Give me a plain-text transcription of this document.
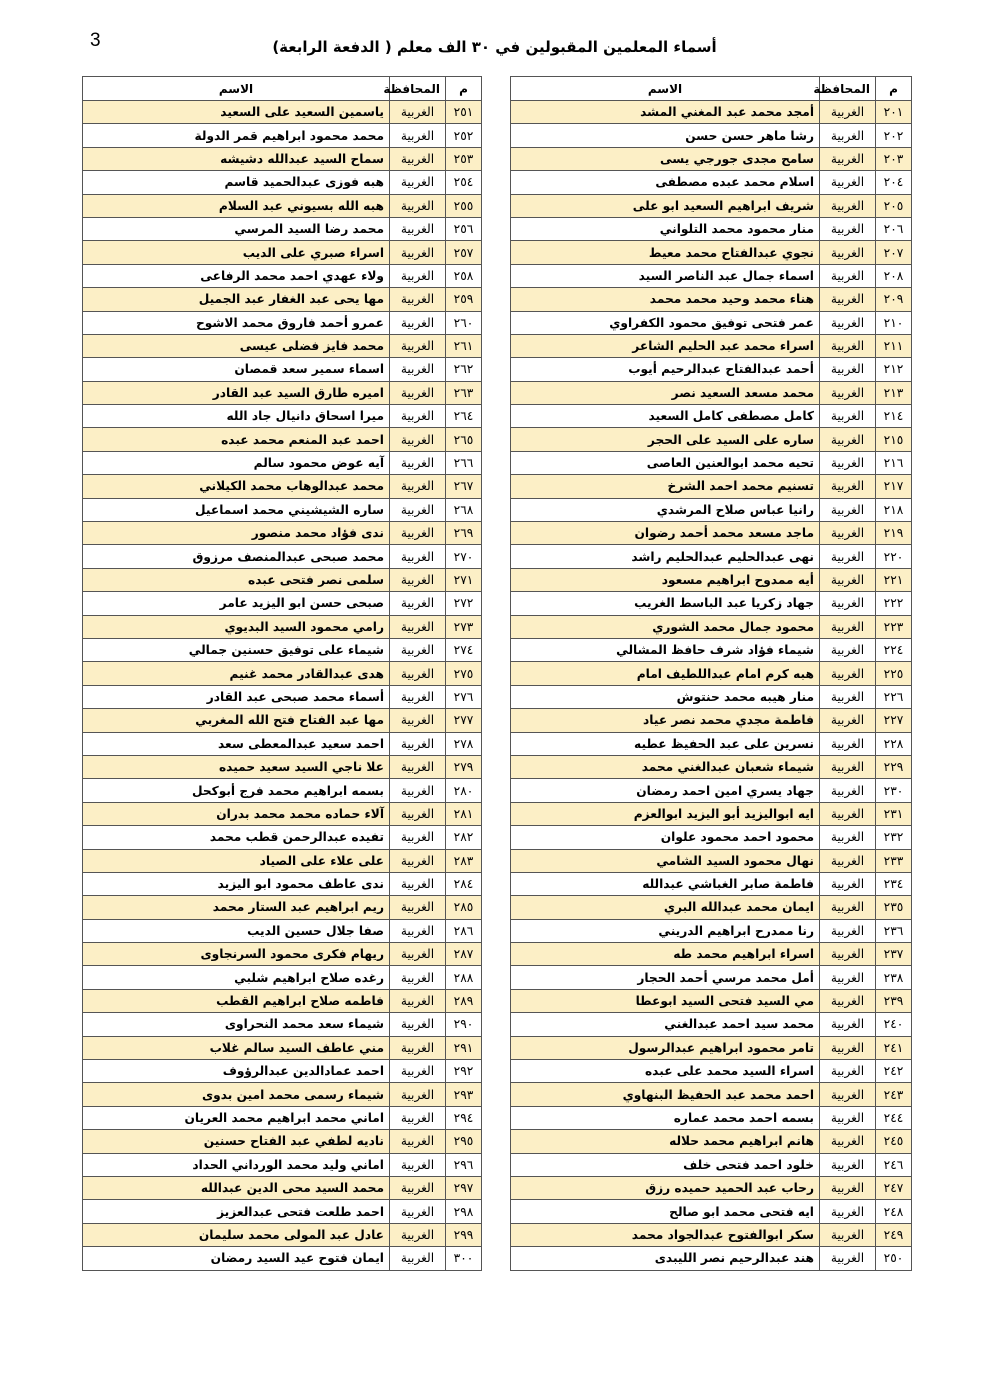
3	أسماء المعلمين المقبولين في ٣٠ الف معلم ( الدفعة الرابعة)
م	المحافظة	الاسم
٢٠١	الغربية	أمجد محمد عبد المغني المشد
٢٠٢	الغربية	رشا ماهر حسن حسن
٢٠٣	الغربية	سامح مجدى جورجي يسى
٢٠٤	الغربية	اسلام محمد عبده مصطفى
٢٠٥	الغربية	شريف ابراهيم السعيد ابو على
٢٠٦	الغربية	منار محمود محمد التلواني
٢٠٧	الغربية	نجوي عبدالفتاح محمد معيط
٢٠٨	الغربية	اسماء جمال عبد الناصر السيد
٢٠٩	الغربية	هناء محمد وحيد محمد محمد
٢١٠	الغربية	عمر فتحى توفيق محمود الكفراوي
٢١١	الغربية	اسراء محمد عبد الحليم الشاعر
٢١٢	الغربية	أحمد عبدالفتاح عبدالرحيم أيوب
٢١٣	الغربية	محمد مسعد السعيد نصر
٢١٤	الغربية	كامل مصطفى كامل السعيد
٢١٥	الغربية	ساره على السيد على الحجر
٢١٦	الغربية	تحيه محمد ابوالعنين العاصى
٢١٧	الغربية	تسنيم محمد احمد الشرخ
٢١٨	الغربية	رانيا عباس صلاح المرشدي
٢١٩	الغربية	ماجد مسعد محمد أحمد رضوان
٢٢٠	الغربية	نهى عبدالحليم عبدالحليم راشد
٢٢١	الغربية	أيه ممدوح ابراهيم مسعود
٢٢٢	الغربية	جهاد زكريا عبد الباسط الغريب
٢٢٣	الغربية	محمود جمال محمد الشوري
٢٢٤	الغربية	شيماء فؤاد شرف حافظ المشالي
٢٢٥	الغربية	هبه كرم امام عبداللطيف امام
٢٢٦	الغربية	منار هيبه محمد حنتوش
٢٢٧	الغربية	فاطمة مجدي محمد نصر عياد
٢٢٨	الغربية	نسرين على عبد الحفيظ عطيه
٢٢٩	الغربية	شيماء شعبان عبدالغني محمد
٢٣٠	الغربية	جهاد يسري امين احمد رمضان
٢٣١	الغربية	ايه ابواليزيد أبو اليزيد ابوالعزم
٢٣٢	الغربية	محمود احمد محمود علوان
٢٣٣	الغربية	نهال محمود السيد الشامي
٢٣٤	الغربية	فاطمة صابر الغباشي عبدالله
٢٣٥	الغربية	ايمان محمد عبدالله البري
٢٣٦	الغربية	رنا ممدرح ابراهيم الدريني
٢٣٧	الغربية	اسراء ابراهيم محمد طه
٢٣٨	الغربية	أمل محمد مرسي أحمد الحجار
٢٣٩	الغربية	مي السيد فتحى السيد ابوعطا
٢٤٠	الغربية	محمد سيد احمد عبدالغني
٢٤١	الغربية	تامر محمود ابراهيم عبدالرسول
٢٤٢	الغربية	اسراء السيد محمد على عبده
٢٤٣	الغربية	احمد محمد عبد الحفيظ البنهاوي
٢٤٤	الغربية	بسمه احمد محمد عماره
٢٤٥	الغربية	هانم ابراهيم محمد حلاله
٢٤٦	الغربية	خلود احمد فتحى خلف
٢٤٧	الغربية	رحاب عبد الحميد حميده رزق
٢٤٨	الغربية	ايه فتحى محمد ابو صالح
٢٤٩	الغربية	سكر ابوالفتوح عبدالجواد محمد
٢٥٠	الغربية	هند عبدالرحيم نصر الليبدى
م	المحافظة	الاسم
٢٥١	الغربية	ياسمين السعيد على السعيد
٢٥٢	الغربية	محمد محمود ابراهيم قمر الدولة
٢٥٣	الغربية	سماح السيد عبدالله دشيشه
٢٥٤	الغربية	هبه فوزى عبدالحميد قاسم
٢٥٥	الغربية	هبه الله بسيوني عبد السلام
٢٥٦	الغربية	محمد رضا السيد المرسي
٢٥٧	الغربية	اسراء صبري على الديب
٢٥٨	الغربية	ولاء عهدي احمد محمد الرفاعى
٢٥٩	الغربية	مها يحى عبد الغفار عبد الجميل
٢٦٠	الغربية	عمرو أحمد فاروق محمد الاشوح
٢٦١	الغربية	محمد فايز فضلى عيسى
٢٦٢	الغربية	اسماء سمير سعد قمصان
٢٦٣	الغربية	اميره طارق السيد عبد القادر
٢٦٤	الغربية	ميرا اسحاق دانيال جاد الله
٢٦٥	الغربية	احمد عبد المنعم محمد عبده
٢٦٦	الغربية	آيه عوض محمود سالم
٢٦٧	الغربية	محمد عبدالوهاب محمد الكيلاني
٢٦٨	الغربية	ساره الشيشيني محمد اسماعيل
٢٦٩	الغربية	ندى فؤاد محمد منصور
٢٧٠	الغربية	محمد صبحى عبدالمنصف مرزوق
٢٧١	الغربية	سلمى نصر فتحى عبده
٢٧٢	الغربية	صبحى حسن ابو اليزيد عامر
٢٧٣	الغربية	رامي محمود السيد البديوي
٢٧٤	الغربية	شيماء على توفيق حسنين جمالي
٢٧٥	الغربية	هدى عبدالقادر محمد غنيم
٢٧٦	الغربية	أسماء محمد صبحى عبد القادر
٢٧٧	الغربية	مها عبد الفتاح فتح الله المغربي
٢٧٨	الغربية	احمد سعيد عبدالمعطى سعد
٢٧٩	الغربية	علا ناجي السيد سعيد حميده
٢٨٠	الغربية	بسمه ابراهيم محمد فرج أبوكحل
٢٨١	الغربية	آلاء حماده محمد محمد بدران
٢٨٢	الغربية	تفيده عبدالرحمن قطب محمد
٢٨٣	الغربية	على علاء على الصياد
٢٨٤	الغربية	ندى عاطف محمود ابو اليزيد
٢٨٥	الغربية	ريم ابراهيم عبد الستار محمد
٢٨٦	الغربية	صفا جلال حسين الديب
٢٨٧	الغربية	ريهام فكرى محمود السرنجاوى
٢٨٨	الغربية	رغده صلاح ابراهيم شلبي
٢٨٩	الغربية	فاطمه صلاح ابراهيم القطب
٢٩٠	الغربية	شيماء سعد محمد النحراوى
٢٩١	الغربية	مني عاطف السيد سالم غلاب
٢٩٢	الغربية	احمد عمادالدين عبدالرؤوف
٢٩٣	الغربية	شيماء رسمى محمد امين بدوى
٢٩٤	الغربية	اماني محمد ابراهيم محمد العريان
٢٩٥	الغربية	ناديه لطفي عبد الفتاح حسنين
٢٩٦	الغربية	اماني وليد محمد الورداني الحداد
٢٩٧	الغربية	محمد السيد محى الدين عبدالله
٢٩٨	الغربية	احمد طلعت فتحى عبدالعزيز
٢٩٩	الغربية	عادل عبد المولى محمد سليمان
٣٠٠	الغربية	ايمان فتوح عيد السيد رمضان
